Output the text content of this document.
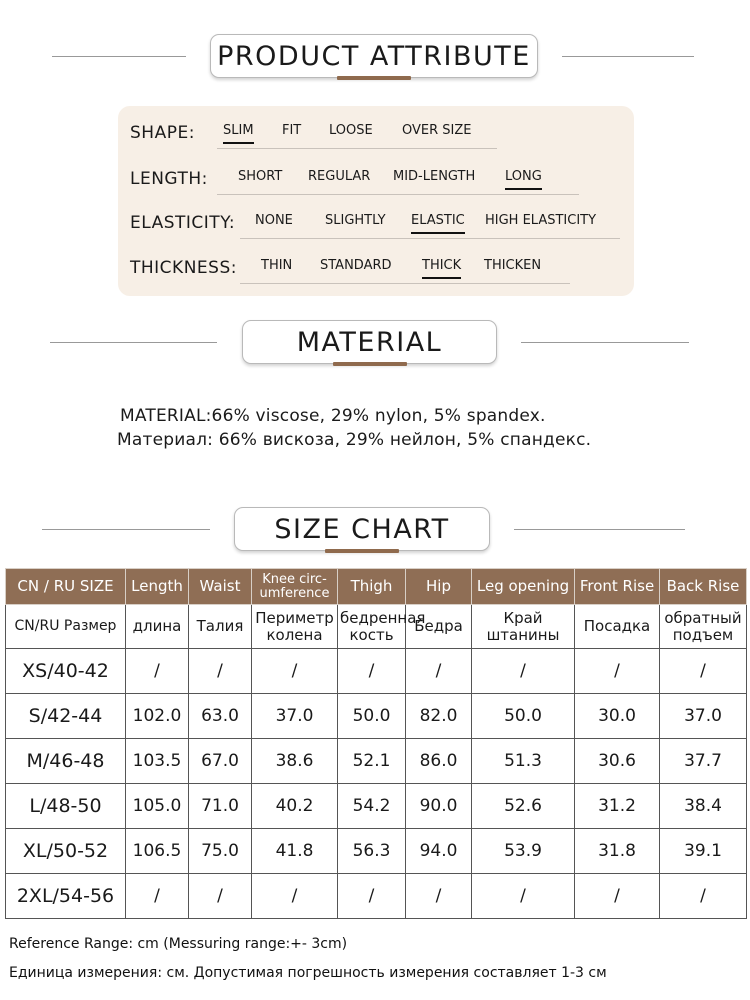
PRODUCT ATTRIBUTE
SHAPE: SLIM FIT LOOSE OVER SIZE
LENGTH: SHORT REGULAR MID-LENGTH LONG
ELASTICITY: NONE SLIGHTLY ELASTIC HIGH ELASTICITY
THICKNESS: THIN STANDARD THICK THICKEN
MATERIAL
MATERIAL:66% viscose, 29% nylon, 5% spandex.
Материал: 66% вискоза, 29% нейлон, 5% спандекс.
SIZE CHART
CN / RU SIZE	Length	Waist	Knee circ-umference	Thigh	Hip	Leg opening	Front Rise	Back Rise
CN/RU Размер	длина	Талия	Периметр колена	бедренная кость	Бедра	Край штанины	Посадка	обратный подъем
XS/40-42	/	/	/	/	/	/	/	/
S/42-44	102.0	63.0	37.0	50.0	82.0	50.0	30.0	37.0
M/46-48	103.5	67.0	38.6	52.1	86.0	51.3	30.6	37.7
L/48-50	105.0	71.0	40.2	54.2	90.0	52.6	31.2	38.4
XL/50-52	106.5	75.0	41.8	56.3	94.0	53.9	31.8	39.1
2XL/54-56	/	/	/	/	/	/	/	/
Reference Range: cm (Messuring range:+- 3cm)
Единица измерения: см. Допустимая погрешность измерения составляет 1-3 см
